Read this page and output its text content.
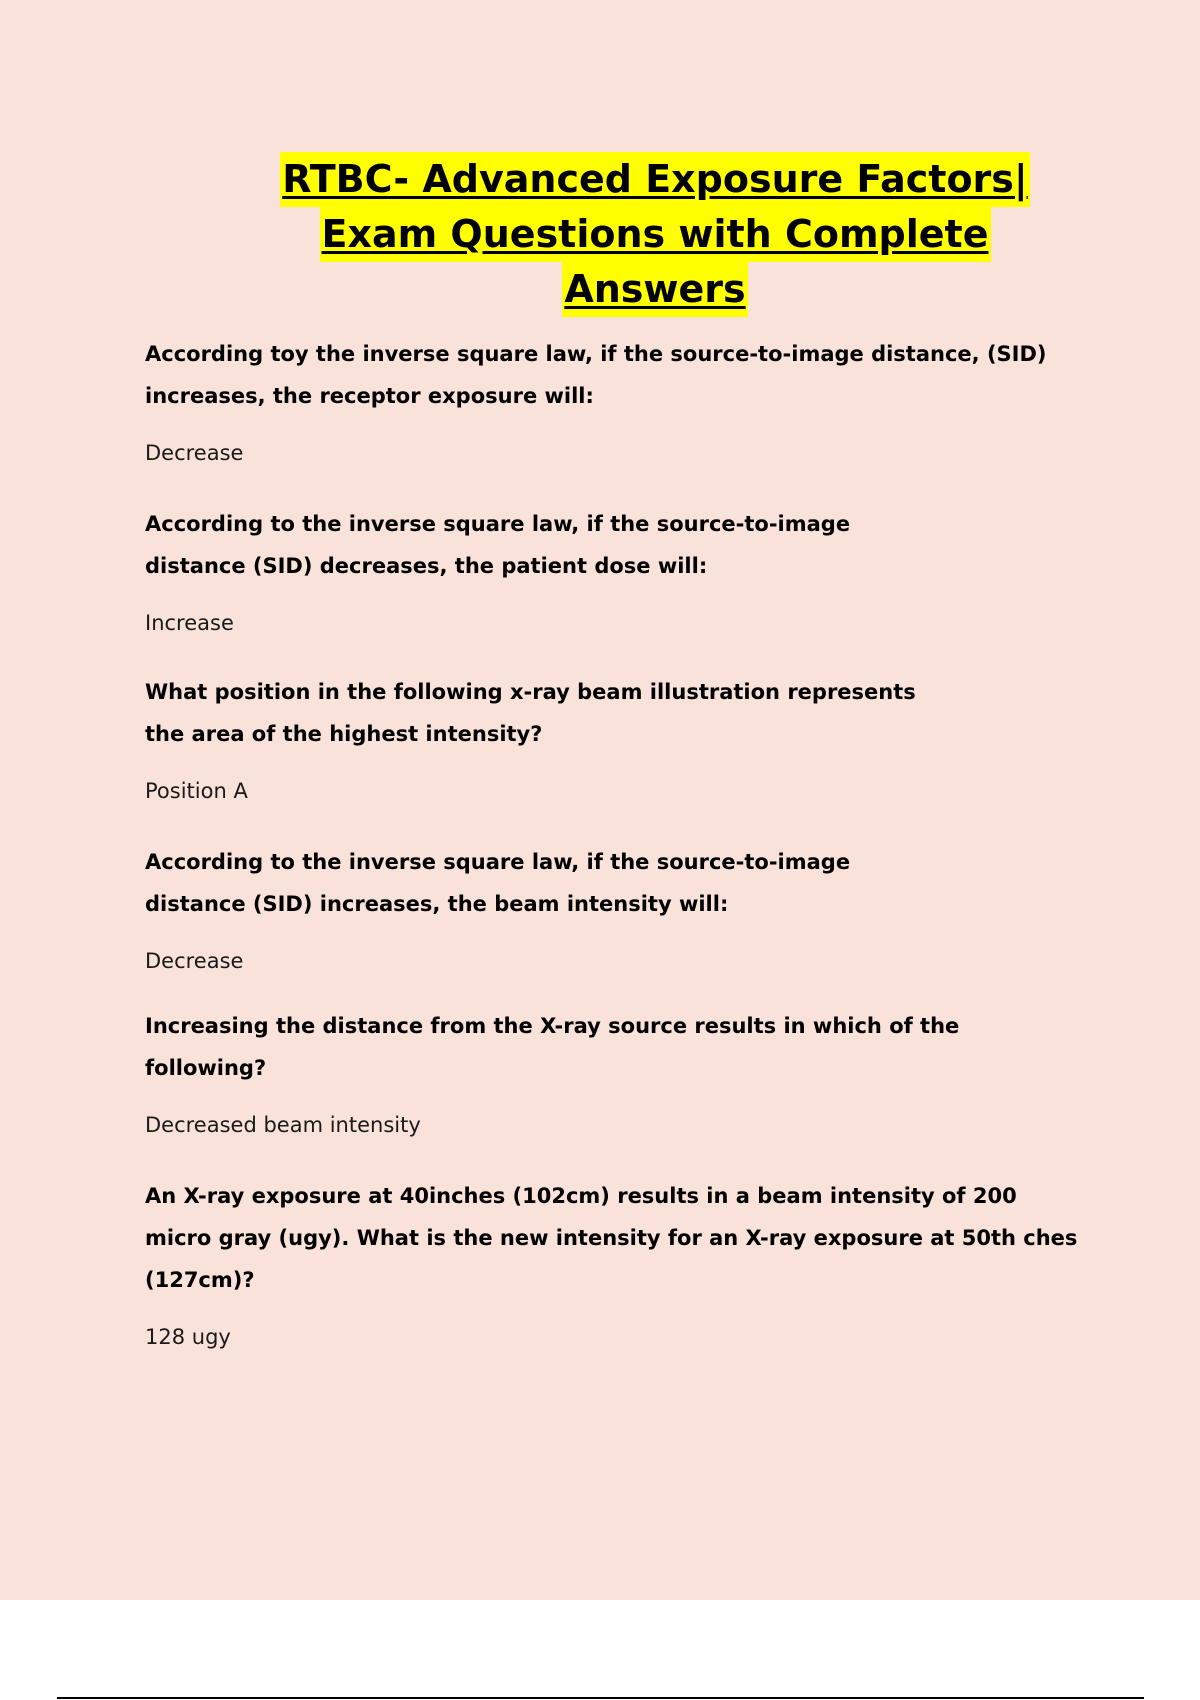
RTBC- Advanced Exposure Factors|
Exam Questions with Complete
Answers

According toy the inverse square law, if the source-to-image distance, (SID) increases, the receptor exposure will:

Decrease

According to the inverse square law, if the source-to-image distance (SID) decreases, the patient dose will:

Increase

What position in the following x-ray beam illustration represents the area of the highest intensity?

Position A

According to the inverse square law, if the source-to-image distance (SID) increases, the beam intensity will:

Decrease

Increasing the distance from the X-ray source results in which of the following?

Decreased beam intensity

An X-ray exposure at 40inches (102cm) results in a beam intensity of 200 micro gray (ugy). What is the new intensity for an X-ray exposure at 50th ches (127cm)?

128 ugy
